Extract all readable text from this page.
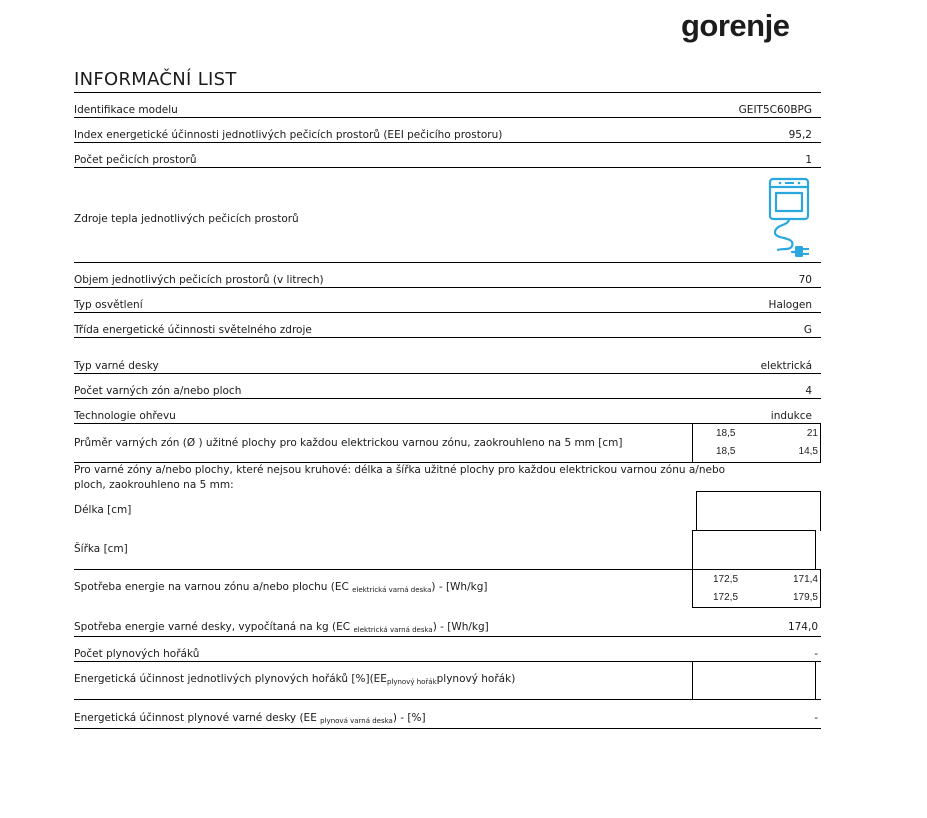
gorenje
INFORMAČNÍ LIST
Identifikace modelu	GEIT5C60BPG
Index energetické účinnosti jednotlivých pečicích prostorů (EEI pečicího prostoru)	95,2
Počet pečicích prostorů	1
Zdroje tepla jednotlivých pečicích prostorů
Objem jednotlivých pečicích prostorů (v litrech)	70
Typ osvětlení	Halogen
Třída energetické účinnosti světelného zdroje	G
Typ varné desky	elektrická
Počet varných zón a/nebo ploch	4
Technologie ohřevu	indukce
Průměr varných zón (Ø ) užitné plochy pro každou elektrickou varnou zónu, zaokrouhleno na 5 mm [cm]
18,5	21
18,5	14,5
Pro varné zóny a/nebo plochy, které nejsou kruhové: délka a šířka užitné plochy pro každou elektrickou varnou zónu a/nebo
ploch, zaokrouhleno na 5 mm:
Délka [cm]
Šířka [cm]
Spotřeba energie na varnou zónu a/nebo plochu (EC $_{elektrická varná deska}$) - [Wh/kg]
172,5	171,4
172,5	179,5
Spotřeba energie varné desky, vypočítaná na kg (EC $_{elektrická varná deska}$) - [Wh/kg]	174,0
Počet plynových hořáků	-
Energetická účinnost jednotlivých plynových hořáků $[\%](EE_{plynový hořák}plynový$ hořák)
Energetická účinnost plynové varné desky (EE $_{plynová varná deska}$) - [%]	-
